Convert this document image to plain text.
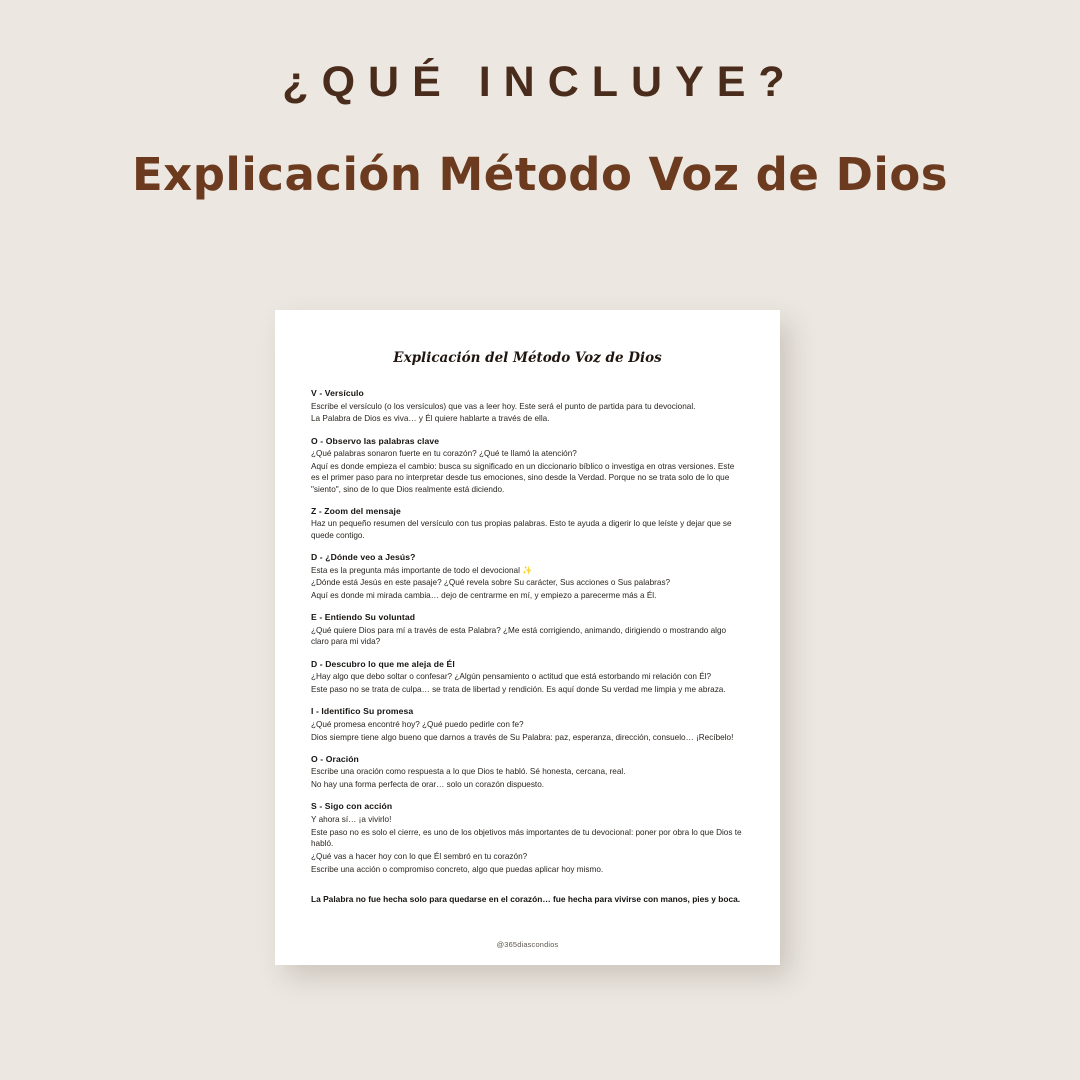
¿QUÉ INCLUYE?
Explicación Método Voz de Dios
Explicación del Método Voz de Dios
V - Versículo

Escribe el versículo (o los versículos) que vas a leer hoy. Este será el punto de partida para tu devocional.

La Palabra de Dios es viva… y Él quiere hablarte a través de ella.

O - Observo las palabras clave

¿Qué palabras sonaron fuerte en tu corazón? ¿Qué te llamó la atención?

Aquí es donde empieza el cambio: busca su significado en un diccionario bíblico o investiga en otras versiones. Este es el primer paso para no interpretar desde tus emociones, sino desde la Verdad. Porque no se trata solo de lo que "siento", sino de lo que Dios realmente está diciendo.

Z - Zoom del mensaje

Haz un pequeño resumen del versículo con tus propias palabras. Esto te ayuda a digerir lo que leíste y dejar que se quede contigo.

D - ¿Dónde veo a Jesús?

Esta es la pregunta más importante de todo el devocional ✨

¿Dónde está Jesús en este pasaje? ¿Qué revela sobre Su carácter, Sus acciones o Sus palabras?

Aquí es donde mi mirada cambia… dejo de centrarme en mí, y empiezo a parecerme más a Él.

E - Entiendo Su voluntad

¿Qué quiere Dios para mí a través de esta Palabra? ¿Me está corrigiendo, animando, dirigiendo o mostrando algo claro para mi vida?

D - Descubro lo que me aleja de Él

¿Hay algo que debo soltar o confesar? ¿Algún pensamiento o actitud que está estorbando mi relación con Él?

Este paso no se trata de culpa… se trata de libertad y rendición. Es aquí donde Su verdad me limpia y me abraza.

I - Identifico Su promesa

¿Qué promesa encontré hoy? ¿Qué puedo pedirle con fe?

Dios siempre tiene algo bueno que darnos a través de Su Palabra: paz, esperanza, dirección, consuelo… ¡Recíbelo!

O - Oración

Escribe una oración como respuesta a lo que Dios te habló. Sé honesta, cercana, real.

No hay una forma perfecta de orar… solo un corazón dispuesto.

S - Sigo con acción

Y ahora sí… ¡a vivirlo!

Este paso no es solo el cierre, es uno de los objetivos más importantes de tu devocional: poner por obra lo que Dios te habló.

¿Qué vas a hacer hoy con lo que Él sembró en tu corazón?

Escribe una acción o compromiso concreto, algo que puedas aplicar hoy mismo.

La Palabra no fue hecha solo para quedarse en el corazón… fue hecha para vivirse con manos, pies y boca.
@365diascondios
